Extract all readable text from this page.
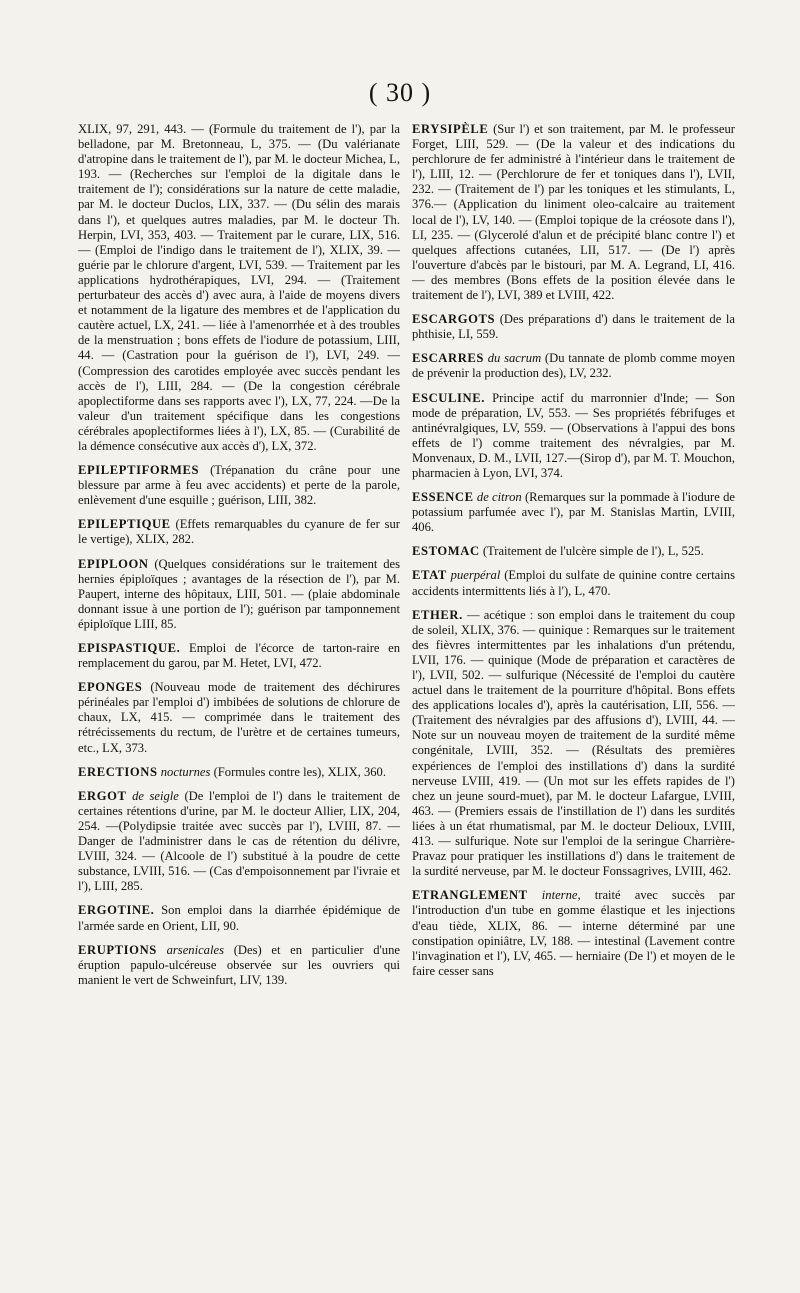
( 30 )

XLIX, 97, 291, 443. — (Formule du traitement de l'), par la belladone, par M. Bretonneau, L, 375. — (Du valérianate d'atropine dans le traitement de l'), par M. le docteur Michea, L, 193. — (Recherches sur l'emploi de la digitale dans le traitement de l'); considérations sur la nature de cette maladie, par M. le docteur Duclos, LIX, 337. — (Du sélin des marais dans l'), et quelques autres maladies, par M. le docteur Th. Herpin, LVI, 353, 403. — Traitement par le curare, LIX, 516. — (Emploi de l'indigo dans le traitement de l'), XLIX, 39. — guérie par le chlorure d'argent, LVI, 539. — Traitement par les applications hydrothérapiques, LVI, 294. — (Traitement perturbateur des accès d') avec aura, à l'aide de moyens divers et notamment de la ligature des membres et de l'application du cautère actuel, LX, 241. — liée à l'amenorrhée et à des troubles de la menstruation ; bons effets de l'iodure de potassium, LIII, 44. — (Castration pour la guérison de l'), LVI, 249. — (Compression des carotides employée avec succès pendant les accès de l'), LIII, 284. — (De la congestion cérébrale apoplectiforme dans ses rapports avec l'), LX, 77, 224. —De la valeur d'un traitement spécifique dans les congestions cérébrales apoplectiformes liées à l'), LX, 85. — (Curabilité de la démence consécutive aux accès d'), LX, 372.

EPILEPTIFORMES (Trépanation du crâne pour une blessure par arme à feu avec accidents) et perte de la parole, enlèvement d'une esquille ; guérison, LIII, 382.

EPILEPTIQUE (Effets remarquables du cyanure de fer sur le vertige), XLIX, 282.

EPIPLOON (Quelques considérations sur le traitement des hernies épiploïques ; avantages de la résection de l'), par M. Paupert, interne des hôpitaux, LIII, 501. — (plaie abdominale donnant issue à une portion de l'); guérison par tamponnement épiploïque LIII, 85.

EPISPASTIQUE. Emploi de l'écorce de tarton-raire en remplacement du garou, par M. Hetet, LVI, 472.

EPONGES (Nouveau mode de traitement des déchirures périnéales par l'emploi d') imbibées de solutions de chlorure de chaux, LX, 415. — comprimée dans le traitement des rétrécissements du rectum, de l'urètre et de certaines tumeurs, etc., LX, 373.

ERECTIONS nocturnes (Formules contre les), XLIX, 360.

ERGOT de seigle (De l'emploi de l') dans le traitement de certaines rétentions d'urine, par M. le docteur Allier, LIX, 204, 254. —(Polydipsie traitée avec succès par l'), LVIII, 87. — Danger de l'administrer dans le cas de rétention du délivre, LVIII, 324. — (Alcoole de l') substitué à la poudre de cette substance, LVIII, 516. — (Cas d'empoisonnement par l'ivraie et l'), LIII, 285.

ERGOTINE. Son emploi dans la diarrhée épidémique de l'armée sarde en Orient, LII, 90.

ERUPTIONS arsenicales (Des) et en particulier d'une éruption papulo-ulcéreuse observée sur les ouvriers qui manient le vert de Schweinfurt, LIV, 139.

ERYSIPÈLE (Sur l') et son traitement, par M. le professeur Forget, LIII, 529. — (De la valeur et des indications du perchlorure de fer administré à l'intérieur dans le traitement de l'), LIII, 12. — (Perchlorure de fer et toniques dans l'), LVII, 232. — (Traitement de l') par les toniques et les stimulants, L, 376.— (Application du liniment oleo-calcaire au traitement local de l'), LV, 140. — (Emploi topique de la créosote dans l'), LI, 235. — (Glycerolé d'alun et de précipité blanc contre l') et quelques affections cutanées, LII, 517. — (De l') après l'ouverture d'abcès par le bistouri, par M. A. Legrand, LI, 416. — des membres (Bons effets de la position élevée dans le traitement de l'), LVI, 389 et LVIII, 422.

ESCARGOTS (Des préparations d') dans le traitement de la phthisie, LI, 559.

ESCARRES du sacrum (Du tannate de plomb comme moyen de prévenir la production des), LV, 232.

ESCULINE. Principe actif du marronnier d'Inde; — Son mode de préparation, LV, 553. — Ses propriétés fébrifuges et antinévralgiques, LV, 559. — (Observations à l'appui des bons effets de l') comme traitement des névralgies, par M. Monvenaux, D. M., LVII, 127.—(Sirop d'), par M. T. Mouchon, pharmacien à Lyon, LVI, 374.

ESSENCE de citron (Remarques sur la pommade à l'iodure de potassium parfumée avec l'), par M. Stanislas Martin, LVIII, 406.

ESTOMAC (Traitement de l'ulcère simple de l'), L, 525.

ETAT puerpéral (Emploi du sulfate de quinine contre certains accidents intermittents liés à l'), L, 470.

ETHER. — acétique : son emploi dans le traitement du coup de soleil, XLIX, 376. — quinique : Remarques sur le traitement des fièvres intermittentes par les inhalations d'un prétendu, LVII, 176. — quinique (Mode de préparation et caractères de l'), LVII, 502. — sulfurique (Nécessité de l'emploi du cautère actuel dans le traitement de la pourriture d'hôpital. Bons effets des applications locales d'), après la cautérisation, LII, 556. — (Traitement des névralgies par des affusions d'), LVIII, 44. — Note sur un nouveau moyen de traitement de la surdité même congénitale, LVIII, 352. — (Résultats des premières expériences de l'emploi des instillations d') dans la surdité nerveuse LVIII, 419. — (Un mot sur les effets rapides de l') chez un jeune sourd-muet), par M. le docteur Lafargue, LVIII, 463. — (Premiers essais de l'instillation de l') dans les surdités liées à un état rhumatismal, par M. le docteur Delioux, LVIII, 413. — sulfurique. Note sur l'emploi de la seringue Charrière-Pravaz pour pratiquer les instillations d') dans le traitement de la surdité nerveuse, par M. le docteur Fonssagrives, LVIII, 462.

ETRANGLEMENT interne, traité avec succès par l'introduction d'un tube en gomme élastique et les injections d'eau tiède, XLIX, 86. — interne déterminé par une constipation opiniâtre, LV, 188. — intestinal (Lavement contre l'invagination et l'), LV, 465. — herniaire (De l') et moyen de le faire cesser sans
